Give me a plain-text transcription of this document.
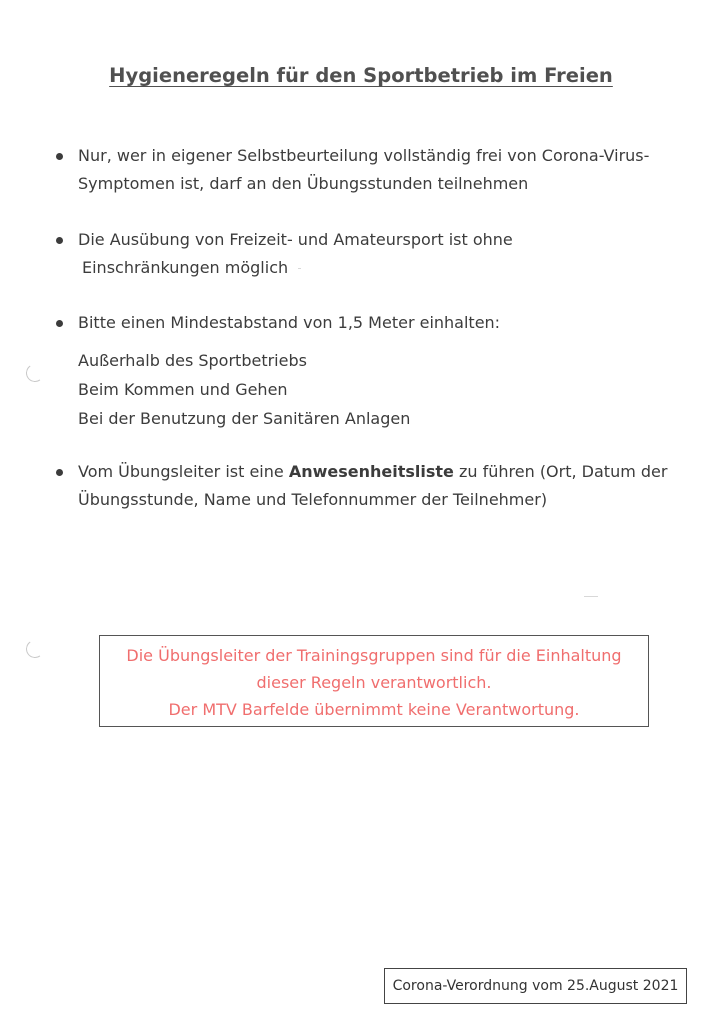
Hygieneregeln für den Sportbetrieb im Freien
Nur, wer in eigener Selbstbeurteilung vollständig frei von Corona-Virus-
Symptomen ist, darf an den Übungsstunden teilnehmen
Die Ausübung von Freizeit- und Amateursport ist ohne
Einschränkungen möglich
Bitte einen Mindestabstand von 1,5 Meter einhalten:
Außerhalb des Sportbetriebs
Beim Kommen und Gehen
Bei der Benutzung der Sanitären Anlagen
Vom Übungsleiter ist eine Anwesenheitsliste zu führen (Ort, Datum der
Übungsstunde, Name und Telefonnummer der Teilnehmer)
Die Übungsleiter der Trainingsgruppen sind für die Einhaltung
dieser Regeln verantwortlich.
Der MTV Barfelde übernimmt keine Verantwortung.
Corona-Verordnung vom 25.August 2021
